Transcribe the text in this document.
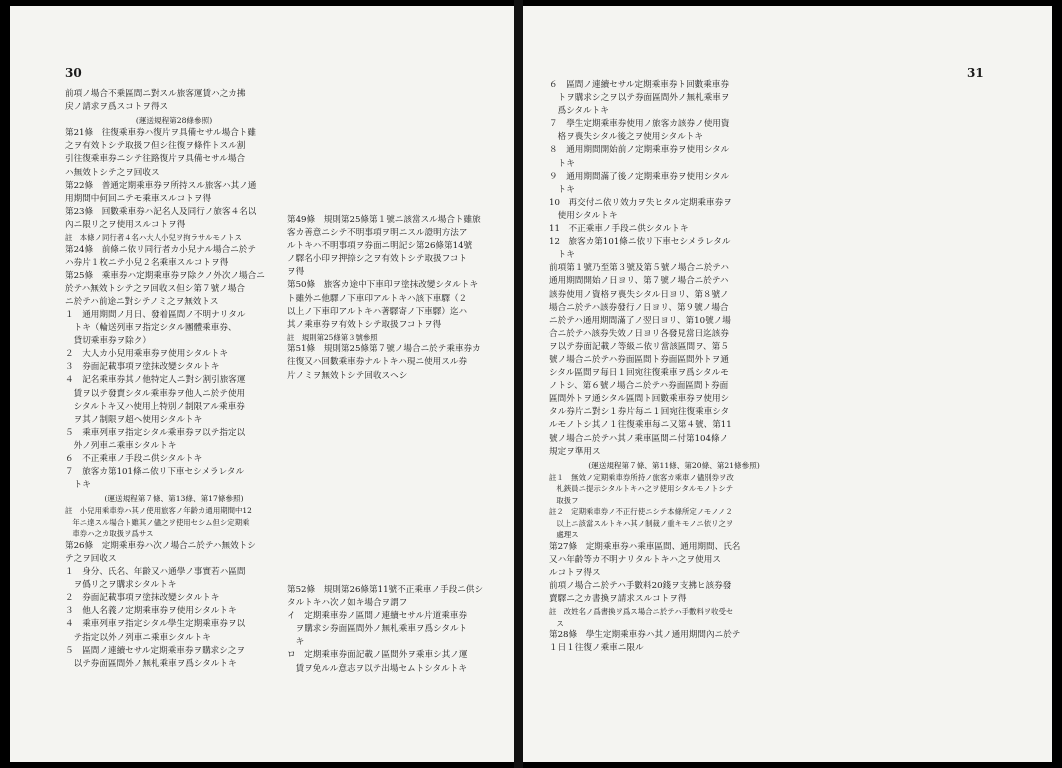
30

前項ノ場合不乗區間ニ對スル旅客運賃ハ之カ拂

戻ノ請求ヲ爲スコトヲ得ス

(運送規程第28條參照)

第21條　往復乘車券ハ復片ヲ具備セサル場合ト雖

之ヲ有效トシテ取扱フ但シ往復ヲ條件トスル割

引往復乘車券ニシテ往路復片ヲ具備セサル場合

ハ無效トシテ之ヲ回收ス

第22條　普通定期乘車券ヲ所持スル旅客ハ其ノ通

用期間中何回ニテモ乘車スルコトヲ得

第23條　回數乘車券ハ記名人及同行ノ旅客４名以

內ニ限リ之ヲ使用スルコトヲ得

註　本條ノ同行者４名ハ大人小兒ヲ拘ラサルモノトス

第24條　前條ニ依リ同行者カ小兒ナル場合ニ於テ

ハ券片１枚ニテ小兒２名乘車スルコトヲ得

第25條　乘車券ハ定期乘車券ヲ除クノ外次ノ場合ニ

於テハ無效トシテ之ヲ回收ス但シ第７號ノ場合

ニ於テハ前途ニ對シテノミ之ヲ無效トス

１　通用期間ノ月日、發着區間ノ不明ナリタル

　トキ（輪送列車ヲ指定シタル團體乘車券、

　貸切乘車券ヲ除ク）

２　大人カ小兒用乘車券ヲ使用シタルトキ

３　券面記載事項ヲ塗抹改變シタルトキ

４　記名乘車券其ノ他特定人ニ對シ割引旅客運

　賃ヲ以テ發賣シタル乘車券ヲ他人ニ於テ使用

　シタルトキ又ハ使用上特別ノ制限アル乘車券

　ヲ其ノ制限ヲ超ヘ使用シタルトキ

５　乘車列車ヲ指定シタル乘車券ヲ以テ指定以

　外ノ列車ニ乘車シタルトキ

６　不正乘車ノ手段ニ供シタルトキ

７　旅客カ第101條ニ依リ下車セシメラレタル

　トキ

(運送規程第７條、第13條、第17條參照)

註　小兒用乘車券ハ其ノ使用旅客ノ年齡カ通用期間中12

　年ニ達スル場合ト雖其ノ儘之ヲ使用セシム但シ定期乘

　車券ハ之カ取扱ヲ爲サス

第26條　定期乘車券ハ次ノ場合ニ於テハ無效トシ

テ之ヲ回收ス

１　身分、氏名、年齡又ハ通學ノ事實若ハ區間

　ヲ僞リ之ヲ購求シタルトキ

２　券面記載事項ヲ塗抹改變シタルトキ

３　他人名義ノ定期乘車券ヲ使用シタルトキ

４　乘車列車ヲ指定シタル學生定期乘車券ヲ以

　テ指定以外ノ列車ニ乘車シタルトキ

５　區間ノ連續セサル定期乘車券ヲ購求シ之ヲ

　以テ券面區間外ノ無札乘車ヲ爲シタルトキ

第49條　規則第25條第１號ニ該當スル場合ト雖旅

客カ善意ニシテ不明事項ヲ明ニスル證明方法ア

ルトキハ不明事項ヲ券面ニ明記シ第26條第14號

ノ驛名小印ヲ押捺シ之ヲ有效トシテ取扱フコト

ヲ得

第50條　旅客カ途中下車印ヲ塗抹改變シタルトキ

ト雖外ニ他驛ノ下車印アルトキハ該下車驛（２

以上ノ下車印アルトキハ著驛寄ノ下車驛）迄ハ

其ノ乘車券ヲ有效トシテ取扱フコトヲ得

註　規則第25條第３號參照

第51條　規則第25條第７號ノ場合ニ於テ乘車券カ

往復又ハ回數乘車券ナルトキハ現ニ使用スル券

片ノミヲ無效トシテ回收スヘシ

第52條　規則第26條第11號不正乘車ノ手段ニ供シ

タルトキハ次ノ如キ場合ヲ謂フ

イ　定期乘車券ノ區間ノ連續セサル片道乘車券

　ヲ購求シ券面區間外ノ無札乘車ヲ爲シタルト

　キ

ロ　定期乘車券面記載ノ區間外ヲ乘車シ其ノ運

　賃ヲ免ルル意志ヲ以テ出場セムトシタルトキ

31

６　區間ノ連續セサル定期乘車券ト回數乘車券

　トヲ購求シ之ヲ以テ券面區間外ノ無札乘車ヲ

　爲シタルトキ

７　學生定期乘車券使用ノ旅客カ該券ノ使用資

　格ヲ喪失シタル後之ヲ使用シタルトキ

８　通用期間開始前ノ定期乘車券ヲ使用シタル

　トキ

９　通用期間滿了後ノ定期乘車券ヲ使用シタル

　トキ

10　再交付ニ依リ效力ヲ失ヒタル定期乘車券ヲ

　使用シタルトキ

11　不正乘車ノ手段ニ供シタルトキ

12　旅客カ第101條ニ依リ下車セシメラレタル

　トキ

前項第１號乃至第３號及第５號ノ場合ニ於テハ

通用期間開始ノ日ヨリ、第７號ノ場合ニ於テハ

該券使用ノ資格ヲ喪失シタル日ヨリ、第８號ノ

場合ニ於テハ該券發行ノ日ヨリ、第９號ノ場合

ニ於テハ通用期間滿了ノ翌日ヨリ、第10號ノ場

合ニ於テハ該券失效ノ日ヨリ各發見當日迄該券

ヲ以テ券面記載ノ等級ニ依リ當該區間ヲ、第５

號ノ場合ニ於テハ券面區間ト券面區間外トヲ通

シタル區間ヲ每日１回宛往復乘車ヲ爲シタルモ

ノトシ、第６號ノ場合ニ於テハ券面區間ト券面

區間外トヲ通シタル區間ト回數乘車券ヲ使用シ

タル券片ニ對シ１券片每ニ１回宛往復乘車シタ

ルモノトシ其ノ１往復乘車每ニ又第４號、第11

號ノ場合ニ於テハ其ノ乘車區間ニ付第104條ノ

規定ヲ準用ス

(運送規程第７條、第11條、第20條、第21條參照)

註１　無效ノ定期乘車券所持ノ旅客カ乘車ノ儘別券ヲ改

　札鋏員ニ提示シタルトキハ之ヲ使用シタルモノトシテ

　取扱フ

註２　定期乘車券ノ不正行使ニシテ本條所定ノモノノ２

　以上ニ該當スルトキハ其ノ制裁ノ重キモノニ依リ之ヲ

　處理ス

第27條　定期乘車券ハ乘車區間、通用期間、氏名

又ハ年齡等カ不明ナリタルトキハ之ヲ使用ス

ルコトヲ得ス

前項ノ場合ニ於テハ手數料20錢ヲ支拂ヒ該券發

賣驛ニ之カ書換ヲ請求スルコトヲ得

註　改姓名ノ爲書換ヲ爲ス場合ニ於テハ手數料ヲ收受セ

　ス

第28條　學生定期乘車券ハ其ノ通用期間內ニ於テ

１日１往復ノ乘車ニ限ル
